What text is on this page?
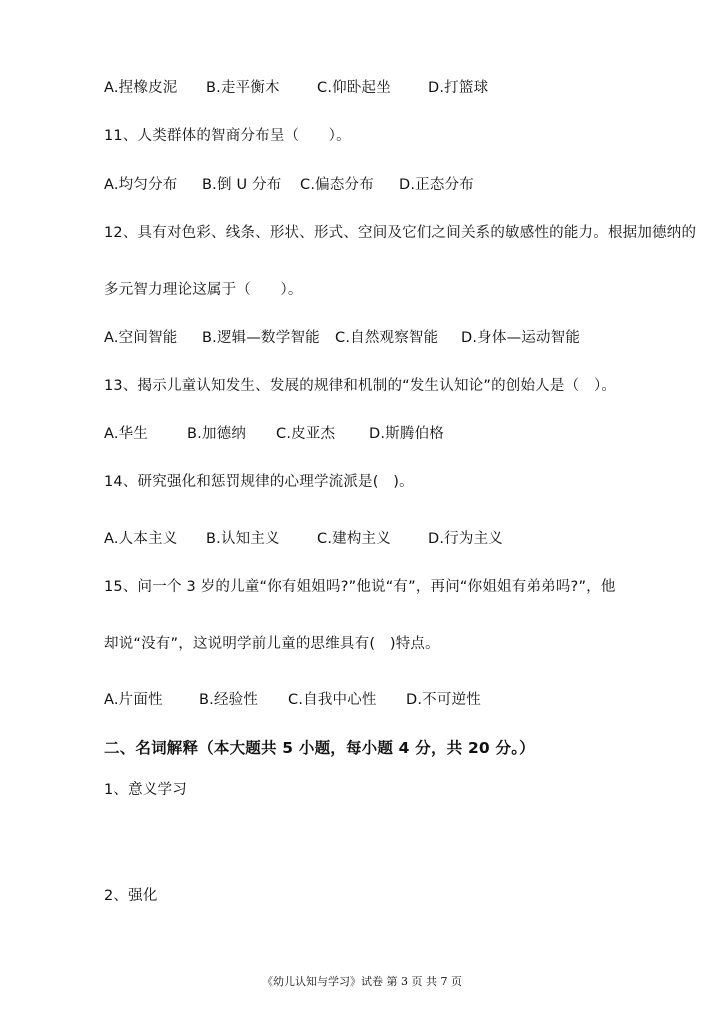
A.捏橡皮泥 B.走平衡木	C.仰卧起坐	D.打篮球
11、人类群体的智商分布呈（　　）。
A.均匀分布 B.倒 U 分布 C.偏态分布 D.正态分布
12、具有对色彩、线条、形状、形式、空间及它们之间关系的敏感性的能力。根据加德纳的
多元智力理论这属于（　　）。
A.空间智能 B.逻辑—数学智能 C.自然观察智能 D.身体—运动智能
13、揭示儿童认知发生、发展的规律和机制的“发生认知论”的创始人是（　）。
A.华生	B.加德纳 C.皮亚杰 D.斯腾伯格
14、研究强化和惩罚规律的心理学流派是(　)。
A.人本主义 B.认知主义	C.建构主义	D.行为主义
15、问一个 3 岁的儿童“你有姐姐吗?”他说“有”，再问“你姐姐有弟弟吗?”，他
却说“没有”，这说明学前儿童的思维具有(　)特点。
A.片面性 B.经验性 C.自我中心性 D.不可逆性
二、名词解释（本大题共 5 小题，每小题 4 分，共 20 分。）
1、意义学习
2、强化
《幼儿认知与学习》试卷 第 3 页 共 7 页
